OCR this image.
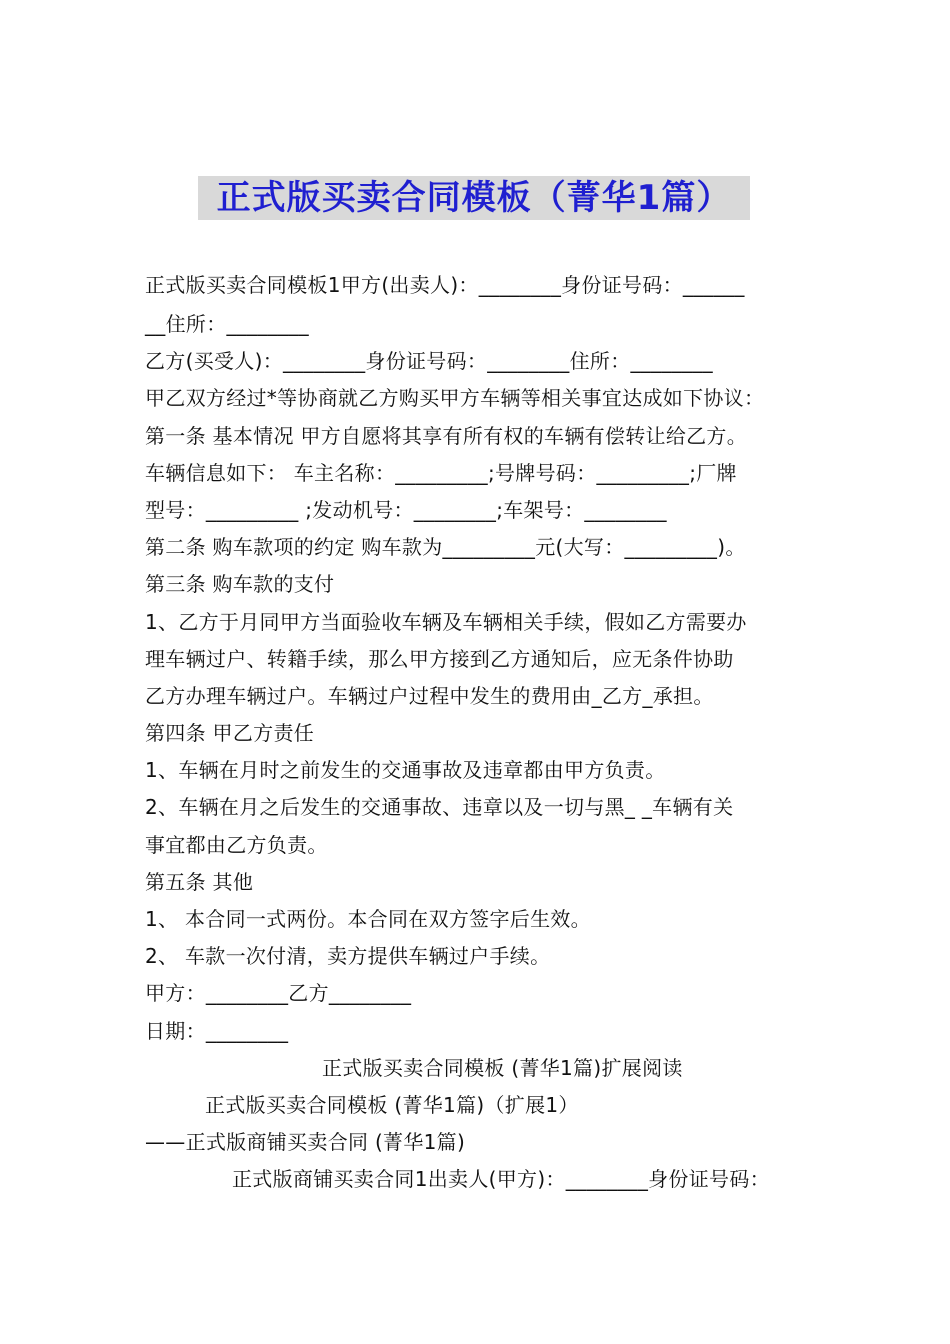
正式版买卖合同模板（菁华1篇）
正式版买卖合同模板1甲方(出卖人)：________身份证号码：______
__住所：________
乙方(买受人)：________身份证号码：________住所：________
甲乙双方经过*等协商就乙方购买甲方车辆等相关事宜达成如下协议：
第一条 基本情况 甲方自愿将其享有所有权的车辆有偿转让给乙方。
车辆信息如下： 车主名称：_________;号牌号码：_________;厂牌
型号：_________ ;发动机号：________;车架号：________
第二条 购车款项的约定 购车款为_________元(大写：_________)。
第三条 购车款的支付
1、乙方于月同甲方当面验收车辆及车辆相关手续，假如乙方需要办
理车辆过户、转籍手续，那么甲方接到乙方通知后，应无条件协助
乙方办理车辆过户。车辆过户过程中发生的费用由_乙方_承担。
第四条 甲乙方责任
1、车辆在月时之前发生的交通事故及违章都由甲方负责。
2、车辆在月之后发生的交通事故、违章以及一切与黑_ _车辆有关
事宜都由乙方负责。
第五条 其他
1、 本合同一式两份。本合同在双方签字后生效。
2、 车款一次付清，卖方提供车辆过户手续。
甲方：________乙方________
日期：________
正式版买卖合同模板 (菁华1篇)扩展阅读
正式版买卖合同模板 (菁华1篇)（扩展1）
——正式版商铺买卖合同 (菁华1篇)
正式版商铺买卖合同1出卖人(甲方)：________身份证号码：
